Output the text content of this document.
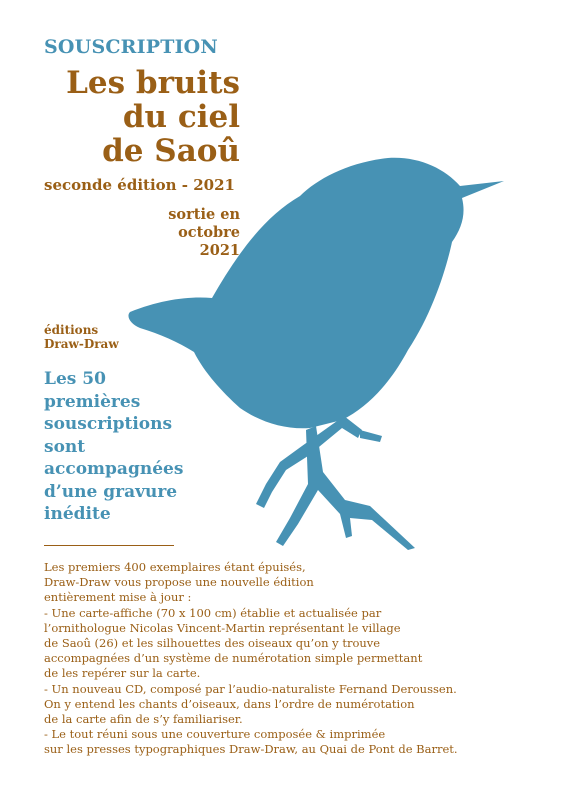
SOUSCRIPTION
Les bruits
du ciel
de Saoû
seconde édition - 2021
sortie en
octobre
2021
éditions
Draw-Draw
Les 50
premières
souscriptions
sont
accompagnées
d’une gravure
inédite
Les premiers 400 exemplaires étant épuisés,
Draw-Draw vous propose une nouvelle édition
entièrement mise à jour :
- Une carte-affiche (70 x 100 cm) établie et actualisée par
l’ornithologue Nicolas Vincent-Martin représentant le village
de Saoû (26) et les silhouettes des oiseaux qu’on y trouve
accompagnées d’un système de numérotation simple permettant
de les repérer sur la carte.
- Un nouveau CD, composé par l’audio-naturaliste Fernand Deroussen.
On y entend les chants d’oiseaux, dans l’ordre de numérotation
de la carte afin de s’y familiariser.
- Le tout réuni sous une couverture composée & imprimée
sur les presses typographiques Draw-Draw, au Quai de Pont de Barret.
